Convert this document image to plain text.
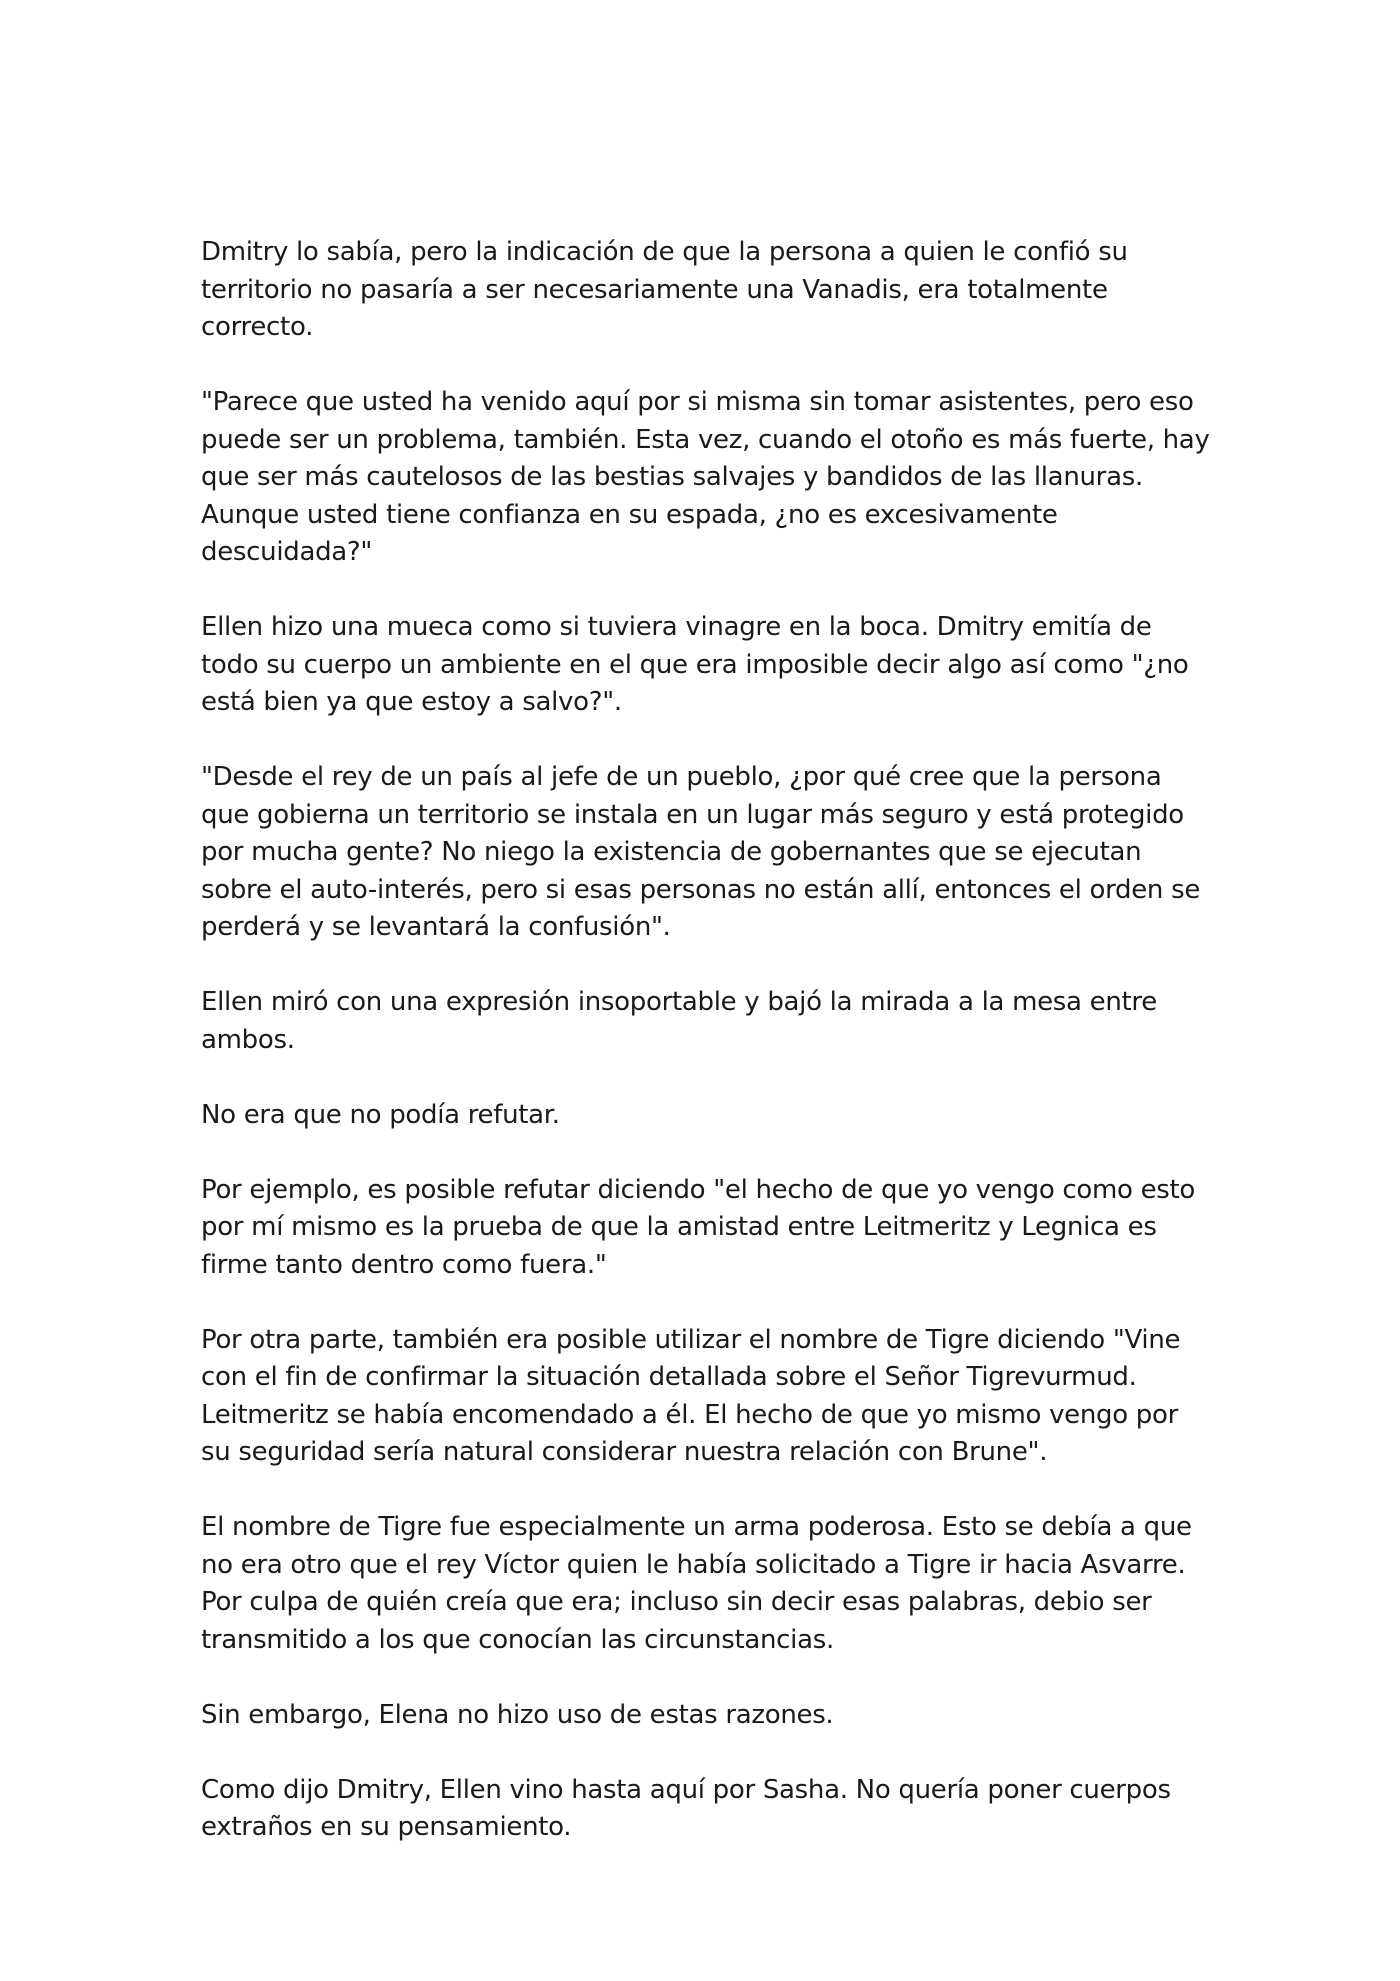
Dmitry lo sabía, pero la indicación de que la persona a quien le confió su territorio no pasaría a ser necesariamente una Vanadis, era totalmente correcto.

"Parece que usted ha venido aquí por si misma sin tomar asistentes, pero eso puede ser un problema, también. Esta vez, cuando el otoño es más fuerte, hay que ser más cautelosos de las bestias salvajes y bandidos de las llanuras. Aunque usted tiene confianza en su espada, ¿no es excesivamente descuidada?"

Ellen hizo una mueca como si tuviera vinagre en la boca. Dmitry emitía de todo su cuerpo un ambiente en el que era imposible decir algo así como "¿no está bien ya que estoy a salvo?".

"Desde el rey de un país al jefe de un pueblo, ¿por qué cree que la persona que gobierna un territorio se instala en un lugar más seguro y está protegido por mucha gente? No niego la existencia de gobernantes que se ejecutan sobre el auto-interés, pero si esas personas no están allí, entonces el orden se perderá y se levantará la confusión".

Ellen miró con una expresión insoportable y bajó la mirada a la mesa entre ambos.

No era que no podía refutar.

Por ejemplo, es posible refutar diciendo "el hecho de que yo vengo como esto por mí mismo es la prueba de que la amistad entre Leitmeritz y Legnica es firme tanto dentro como fuera."

Por otra parte, también era posible utilizar el nombre de Tigre diciendo "Vine con el fin de confirmar la situación detallada sobre el Señor Tigrevurmud. Leitmeritz se había encomendado a él. El hecho de que yo mismo vengo por su seguridad sería natural considerar nuestra relación con Brune".

El nombre de Tigre fue especialmente un arma poderosa. Esto se debía a que no era otro que el rey Víctor quien le había solicitado a Tigre ir hacia Asvarre. Por culpa de quién creía que era; incluso sin decir esas palabras, debio ser transmitido a los que conocían las circunstancias.

Sin embargo, Elena no hizo uso de estas razones.

Como dijo Dmitry, Ellen vino hasta aquí por Sasha. No quería poner cuerpos extraños en su pensamiento.
